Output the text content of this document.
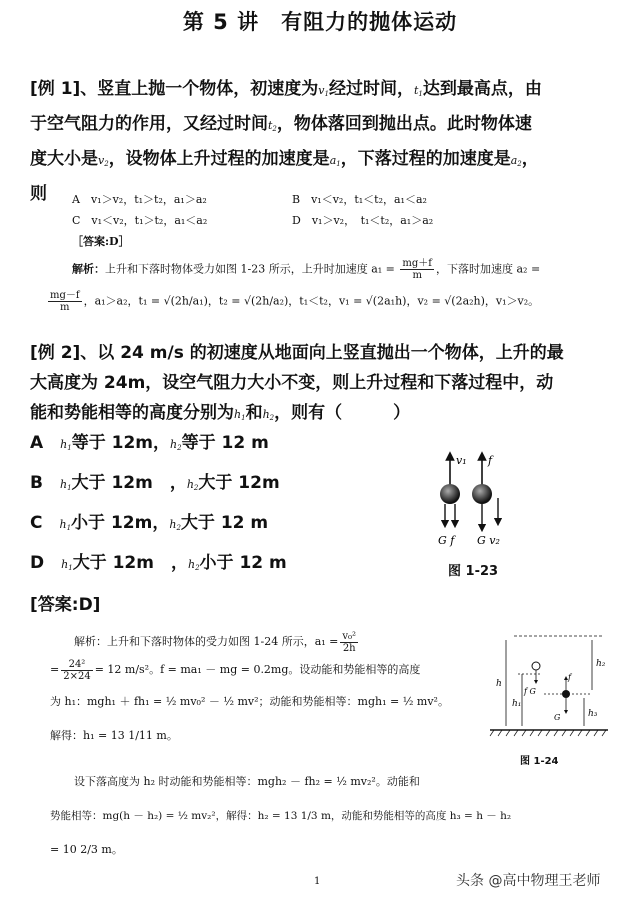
第 5 讲　有阻力的抛体运动
[例 1]、竖直上抛一个物体，初速度为$v_1$经过时间，$t_1$达到最高点，由
于空气阻力的作用，又经过时间$t_2$，物体落回到抛出点。此时物体速
度大小是$v_2$，设物体上升过程的加速度是$a_1$，下落过程的加速度是$a_2$，
则	A　v₁＞v₂，t₁＞t₂，a₁＞a₂	B　v₁＜v₂，t₁＜t₂，a₁＜a₂
C　v₁＜v₂，t₁＞t₂，a₁＜a₂	D　v₁＞v₂，　t₁＜t₂，a₁＞a₂
［答案:D］
解析：上升和下落时物体受力如图 1-23 所示，上升时加速度 $a_1 = \frac{mg+f}{m}$ ，下落时加速度 a₂ =
$\frac{mg-f}{m}$ ，a₁＞a₂，t₁ = √(2h/a₁)，t₂ = √(2h/a₂)，t₁＜t₂，v₁ = √(2a₁h)，v₂ = √(2a₂h)，v₁＞v₂。
[例 2]、以 24 m/s 的初速度从地面向上竖直抛出一个物体，上升的最
大高度为 24m，设空气阻力大小不变，则上升过程和下落过程中，动
能和势能相等的高度分别为$h_1$和$h_2$，则有（　　　）
A　 $h_1$等于 12m，$h_2$等于 12 m
B　 $h_1$大于 12m　，$h_2$大于 12m
C　 $h_1$小于 12m，$h_2$大于 12 m
D　 $h_1$大于 12m　，$h_2$小于 12 m
[答案:D]
v₁ f
G f G v₂
图 1-23
解析：上升和下落时物体的受力如图 1-24 所示，$a_1 = \frac{\text{v₀²}}{2h}$
= $\frac{\text{24²}}{2\times 24} = 12$ m/s²。f = ma₁ － mg = 0.2mg。设动能和势能相等的高度
为 h₁：mgh₁ ＋ fh₁ = ½ mv₀² － ½ mv²；动能和势能相等：mgh₁ = ½ mv²。
解得：h₁ = 13 1/11 m。
设下落高度为 h₂ 时动能和势能相等：mgh₂ － fh₂ = ½ mv₂²。动能和
势能相等：mg(h － h₂) = ½ mv₂²，解得：h₂ = 13 1/3 m，动能和势能相等的高度 h₃ = h － h₂
= 10 2/3 m。
h
h₁
f G
h₂
f
G	h₃
图 1-24
1	头条 @高中物理王老师
